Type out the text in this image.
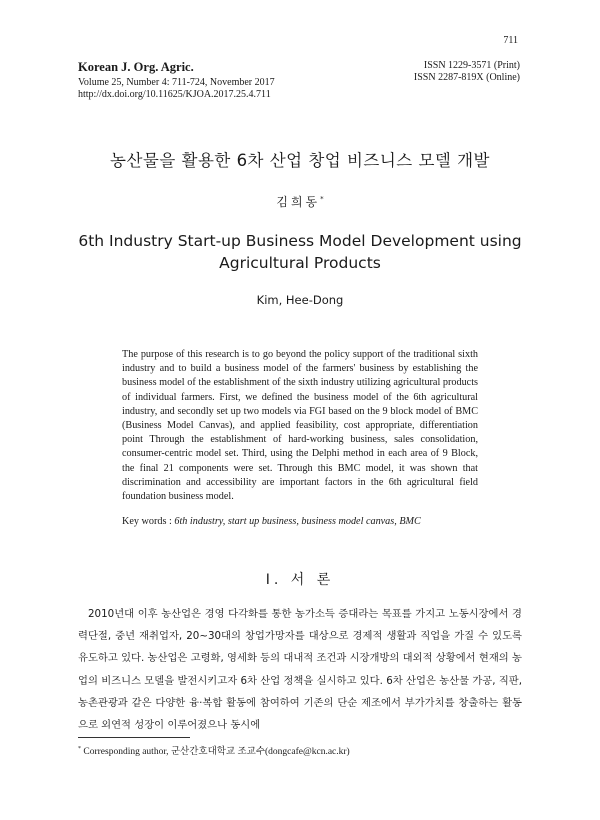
711
Korean J. Org. Agric.
Volume 25, Number 4: 711-724, November 2017
http://dx.doi.org/10.11625/KJOA.2017.25.4.711
ISSN 1229-3571 (Print)
ISSN 2287-819X (Online)
농산물을 활용한 6차 산업 창업 비즈니스 모델 개발
김희동*
6th Industry Start-up Business Model Development using
Agricultural Products
Kim, Hee-Dong
The purpose of this research is to go beyond the policy support of the traditional sixth industry and to build a business model of the farmers' business by establishing the business model of the establishment of the sixth industry utilizing agricultural products of individual farmers. First, we defined the business model of the 6th agricultural industry, and secondly set up two models via FGI based on the 9 block model of BMC (Business Model Canvas), and applied feasibility, cost appropriate, differentiation point Through the establishment of hard-working business, sales consolidation, consumer-centric model set. Third, using the Delphi method in each area of 9 Block, the final 21 components were set. Through this BMC model, it was shown that discrimination and accessibility are important factors in the 6th agricultural field foundation business model.
Key words : 6th industry, start up business, business model canvas, BMC
Ⅰ. 서 론
2010년대 이후 농산업은 경영 다각화를 통한 농가소득 증대라는 목표를 가지고 노동시장에서 경력단절, 중년 재취업자, 20~30대의 창업가망자를 대상으로 경제적 생활과 직업을 가질 수 있도록 유도하고 있다. 농산업은 고령화, 영세화 등의 대내적 조건과 시장개방의 대외적 상황에서 현재의 농업의 비즈니스 모델을 발전시키고자 6차 산업 정책을 실시하고 있다. 6차 산업은 농산물 가공, 직판, 농촌관광과 같은 다양한 융·복합 활동에 참여하여 기존의 단순 제조에서 부가가치를 창출하는 활동으로 외연적 성장이 이루어졌으나 동시에
* Corresponding author, 군산간호대학교 조교수(dongcafe@kcn.ac.kr)
